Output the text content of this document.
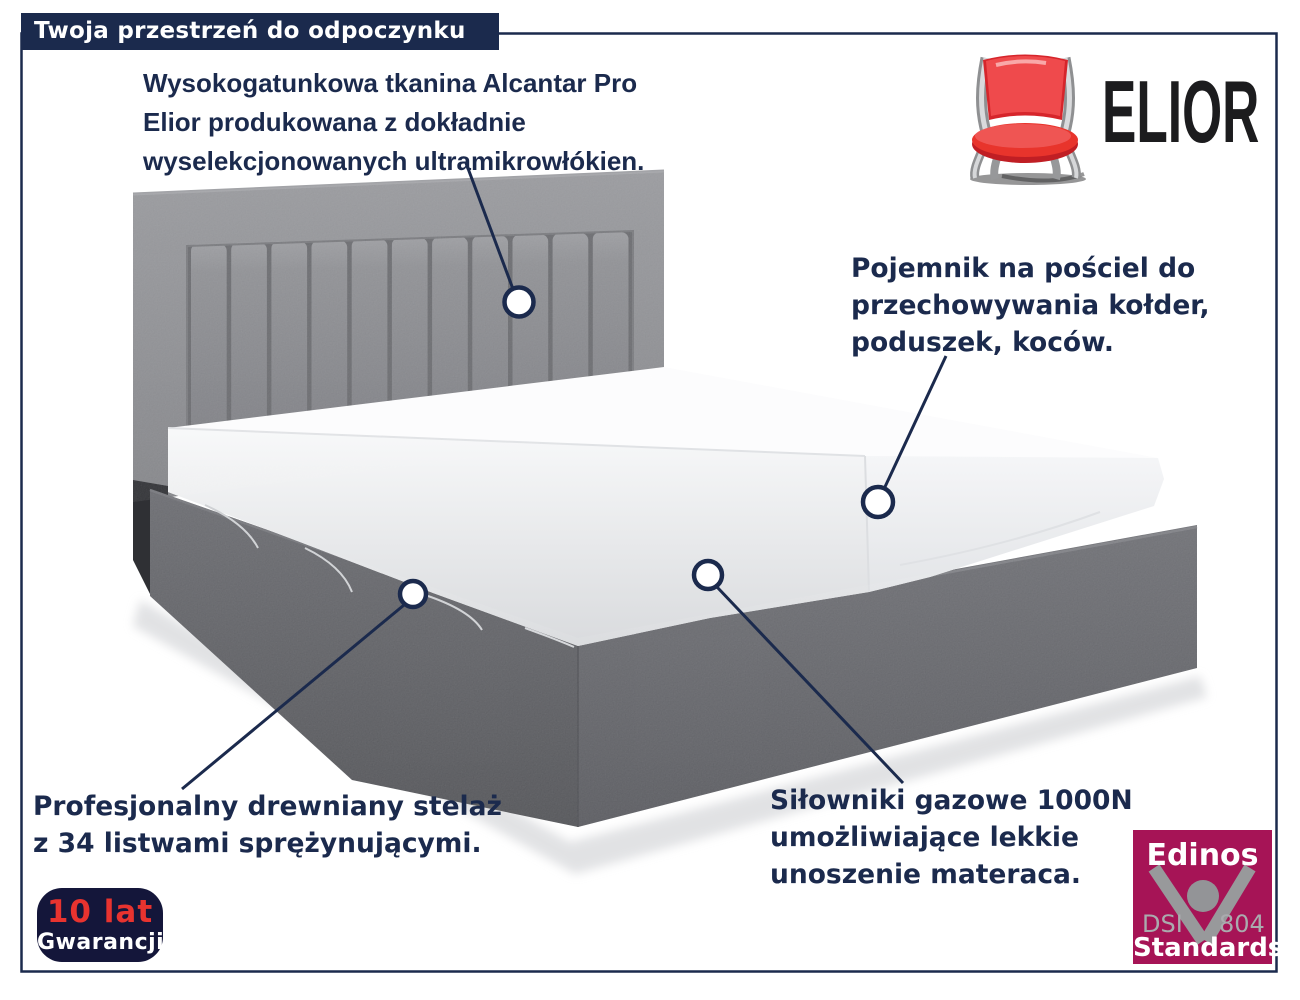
Twoja przestrzeń do odpoczynku
ELIOR
Wysokogatunkowa tkanina Alcantar Pro
Elior produkowana z dokładnie
wyselekcjonowanych ultramikrowłókien.
Pojemnik na pościel do
przechowywania kołder,
poduszek, koców.
Profesjonalny drewniany stelaż
z 34 listwami sprężynującymi.
Siłowniki gazowe 1000N
umożliwiające lekkie
unoszenie materaca.
10 lat
Gwarancji
Edinos
DSI 804
Standards
